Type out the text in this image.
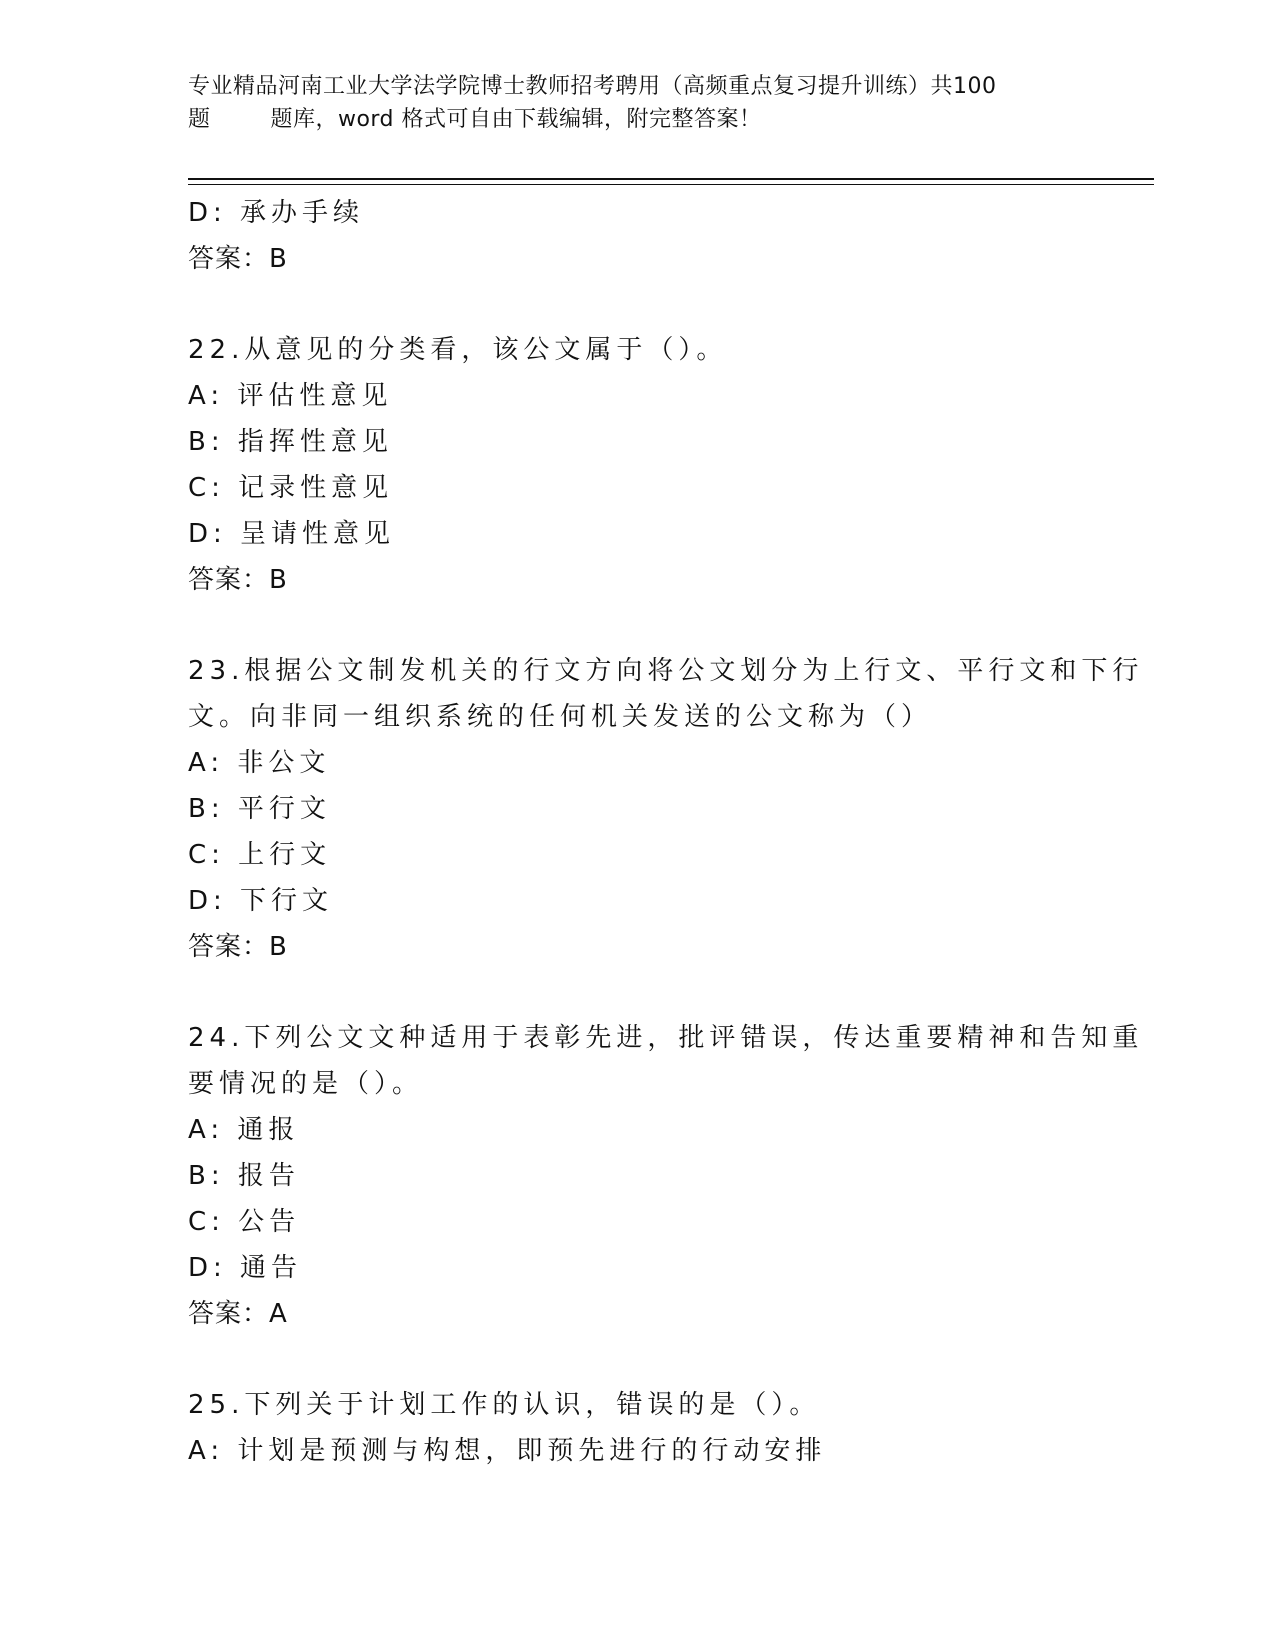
专业精品河南工业大学法学院博士教师招考聘用（高频重点复习提升训练）共100
题        题库，word 格式可自由下载编辑，附完整答案！
D: 承办手续
答案：B
22.从意见的分类看，该公文属于（）。
A: 评估性意见
B: 指挥性意见
C: 记录性意见
D: 呈请性意见
答案：B
23.根据公文制发机关的行文方向将公文划分为上行文、平行文和下行
文。向非同一组织系统的任何机关发送的公文称为（）
A: 非公文
B: 平行文
C: 上行文
D: 下行文
答案：B
24.下列公文文种适用于表彰先进，批评错误，传达重要精神和告知重
要情况的是（）。
A: 通报
B: 报告
C: 公告
D: 通告
答案：A
25.下列关于计划工作的认识，错误的是（）。
A: 计划是预测与构想，即预先进行的行动安排
